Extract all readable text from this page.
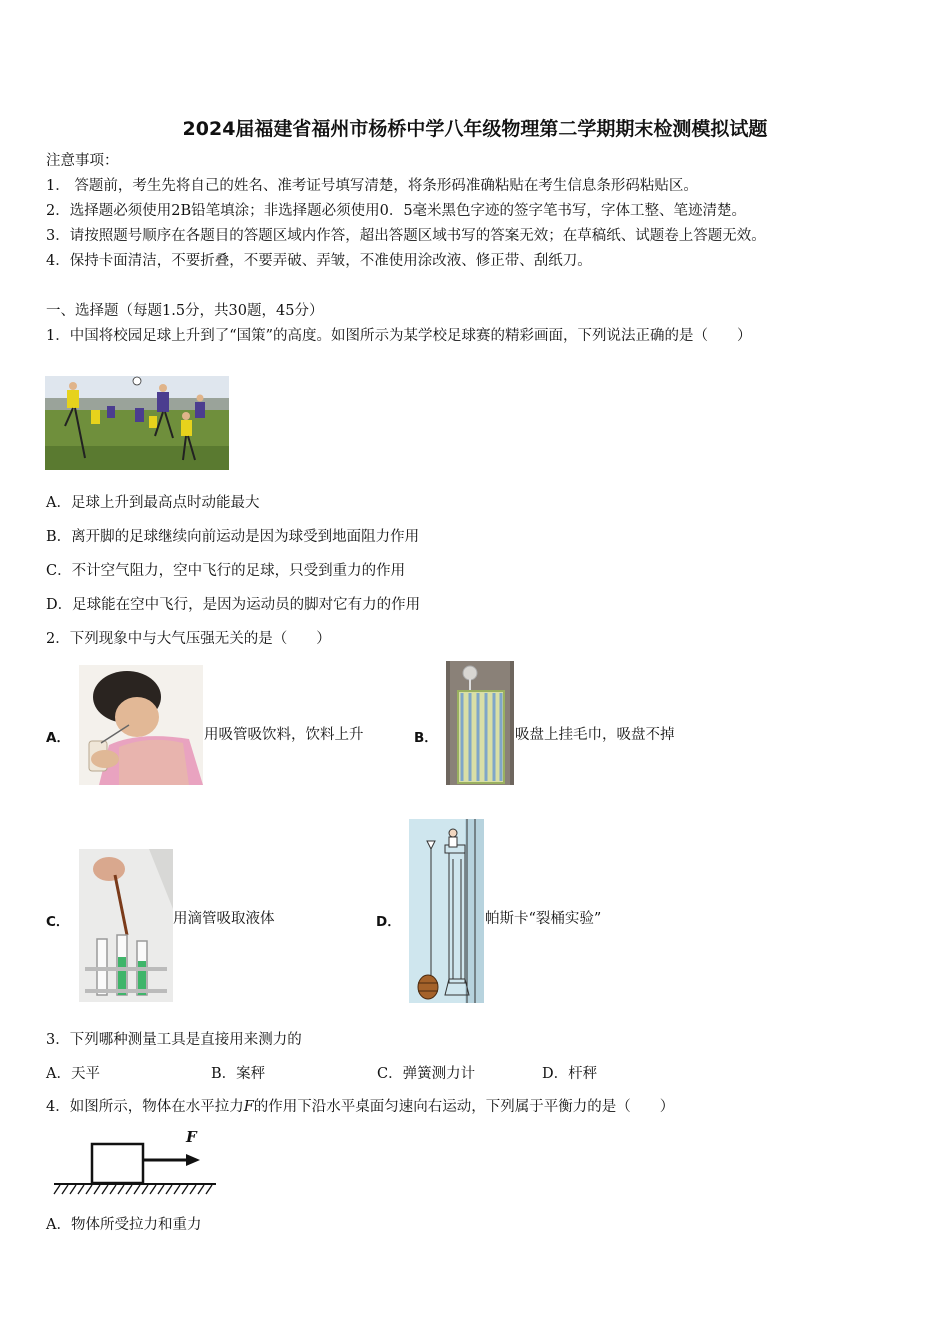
2024届福建省福州市杨桥中学八年级物理第二学期期末检测模拟试题
注意事项：
1． 答题前，考生先将自己的姓名、准考证号填写清楚，将条形码准确粘贴在考生信息条形码粘贴区。
2．选择题必须使用2B铅笔填涂；非选择题必须使用0．5毫米黑色字迹的签字笔书写，字体工整、笔迹清楚。
3．请按照题号顺序在各题目的答题区域内作答，超出答题区域书写的答案无效；在草稿纸、试题卷上答题无效。
4．保持卡面清洁，不要折叠，不要弄破、弄皱，不准使用涂改液、修正带、刮纸刀。
一、选择题（每题1.5分，共30题，45分）
1．中国将校园足球上升到了“国策”的高度。如图所示为某学校足球赛的精彩画面，下列说法正确的是（　　）
A．足球上升到最高点时动能最大
B．离开脚的足球继续向前运动是因为球受到地面阻力作用
C．不计空气阻力，空中飞行的足球，只受到重力的作用
D．足球能在空中飞行，是因为运动员的脚对它有力的作用
2．下列现象中与大气压强无关的是（　　）
A．	用吸管吸饮料，饮料上升	B．	吸盘上挂毛巾，吸盘不掉
C．	用滴管吸取液体	D．	帕斯卡“裂桶实验”
3．下列哪种测量工具是直接用来测力的
A．天平	B．案秤	C．弹簧测力计	D．杆秤
4．如图所示，物体在水平拉力F的作用下沿水平桌面匀速向右运动，下列属于平衡力的是（　　）
F
A．物体所受拉力和重力
